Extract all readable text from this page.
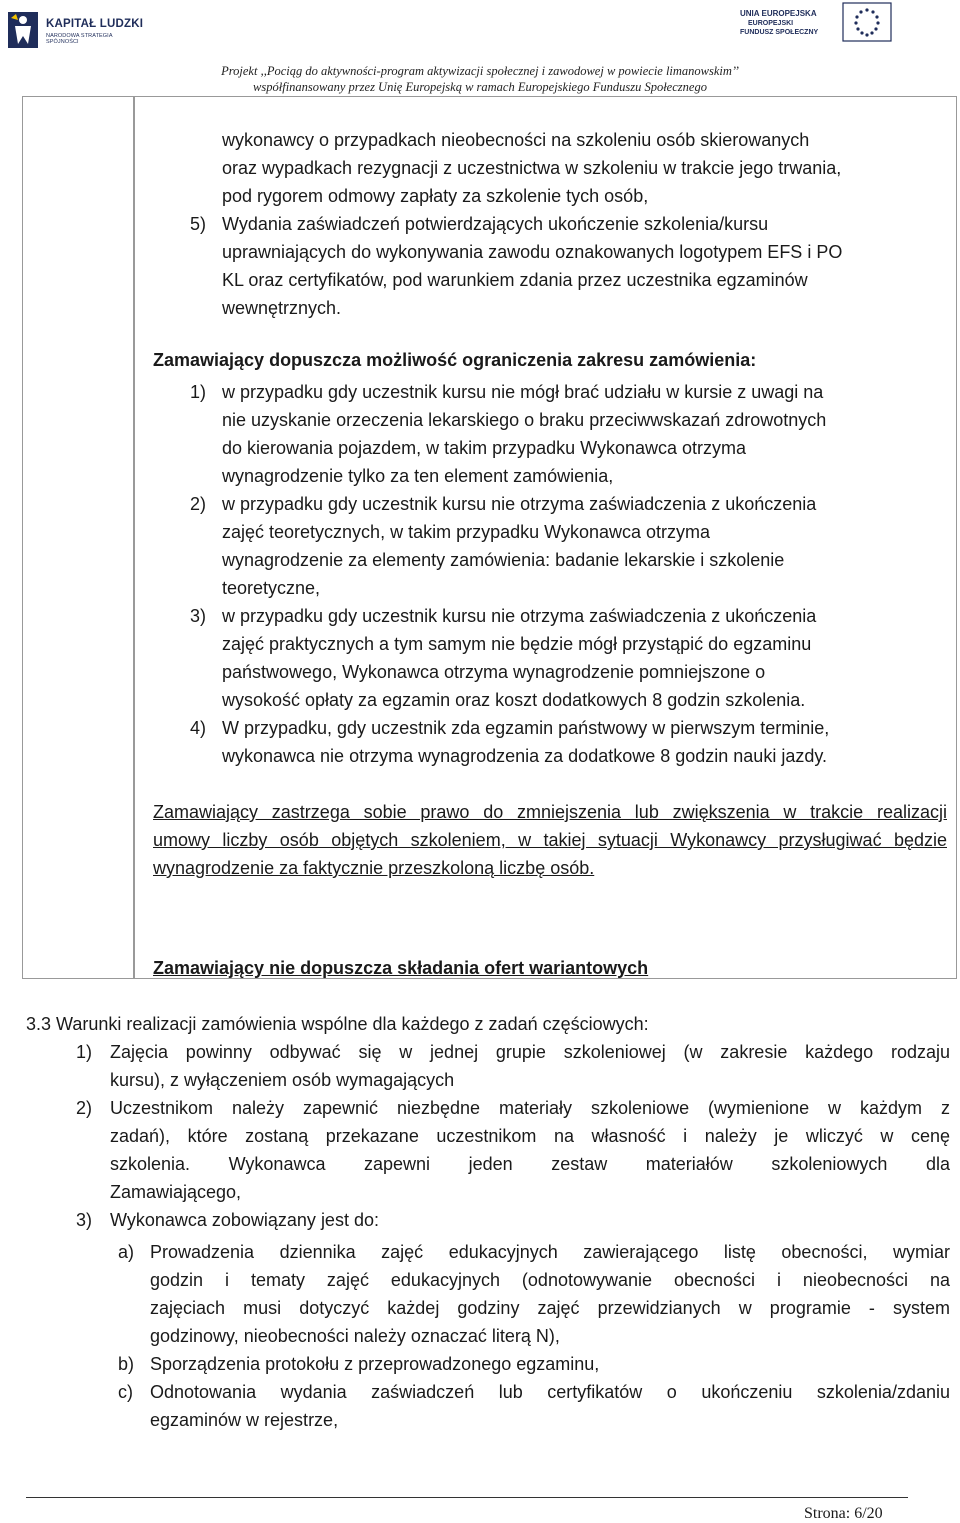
KAPITAŁ LUDZKI
NARODOWA STRATEGIA SPÓJNOŚCI
UNIA EUROPEJSKA
EUROPEJSKI
FUNDUSZ SPOŁECZNY
Projekt ,,Pociąg do aktywności-program aktywizacji społecznej i zawodowej w powiecie limanowskim’’
współfinansowany przez Unię Europejską w ramach Europejskiego Funduszu Społecznego
wykonawcy o przypadkach nieobecności na szkoleniu osób skierowanych
oraz wypadkach rezygnacji z uczestnictwa w szkoleniu w trakcie jego trwania,
pod rygorem odmowy zapłaty za szkolenie tych osób,
5) Wydania zaświadczeń potwierdzających ukończenie szkolenia/kursu
uprawniających do wykonywania zawodu oznakowanych logotypem EFS i PO
KL oraz certyfikatów, pod warunkiem zdania przez uczestnika egzaminów
wewnętrznych.
Zamawiający dopuszcza możliwość ograniczenia zakresu zamówienia:
1) w przypadku gdy uczestnik kursu nie mógł brać udziału w kursie z uwagi na
nie uzyskanie orzeczenia lekarskiego o braku przeciwwskazań zdrowotnych
do kierowania pojazdem, w takim przypadku Wykonawca otrzyma
wynagrodzenie tylko za ten element zamówienia,
2) w przypadku gdy uczestnik kursu nie otrzyma zaświadczenia z ukończenia
zajęć teoretycznych, w takim przypadku Wykonawca otrzyma
wynagrodzenie za elementy zamówienia: badanie lekarskie i szkolenie
teoretyczne,
3) w przypadku gdy uczestnik kursu nie otrzyma zaświadczenia z ukończenia
zajęć praktycznych a tym samym nie będzie mógł przystąpić do egzaminu
państwowego, Wykonawca otrzyma wynagrodzenie pomniejszone o
wysokość opłaty za egzamin oraz koszt dodatkowych 8 godzin szkolenia.
4) W przypadku, gdy uczestnik zda egzamin państwowy w pierwszym terminie,
wykonawca nie otrzyma wynagrodzenia za dodatkowe 8 godzin nauki jazdy.
Zamawiający zastrzega sobie prawo do zmniejszenia lub zwiększenia w trakcie realizacji
umowy liczby osób objętych szkoleniem, w takiej sytuacji Wykonawcy przysługiwać będzie
wynagrodzenie za faktycznie przeszkoloną liczbę osób.
Zamawiający nie dopuszcza składania ofert wariantowych
3.3 Warunki realizacji zamówienia wspólne dla każdego z zadań częściowych:
1) Zajęcia powinny odbywać się w jednej grupie szkoleniowej (w zakresie każdego rodzaju
kursu), z wyłączeniem osób wymagających
2) Uczestnikom należy zapewnić niezbędne materiały szkoleniowe (wymienione w każdym z
zadań), które zostaną przekazane uczestnikom na własność i należy je wliczyć w cenę
szkolenia. Wykonawca zapewni jeden zestaw materiałów szkoleniowych dla
Zamawiającego,
3) Wykonawca zobowiązany jest do:
a) Prowadzenia dziennika zajęć edukacyjnych zawierającego listę obecności, wymiar
godzin i tematy zajęć edukacyjnych (odnotowywanie obecności i nieobecności na
zajęciach musi dotyczyć każdej godziny zajęć przewidzianych w programie - system
godzinowy, nieobecności należy oznaczać literą N),
b) Sporządzenia protokołu z przeprowadzonego egzaminu,
c) Odnotowania wydania zaświadczeń lub certyfikatów o ukończeniu szkolenia/zdaniu
egzaminów w rejestrze,
Strona: 6/20
